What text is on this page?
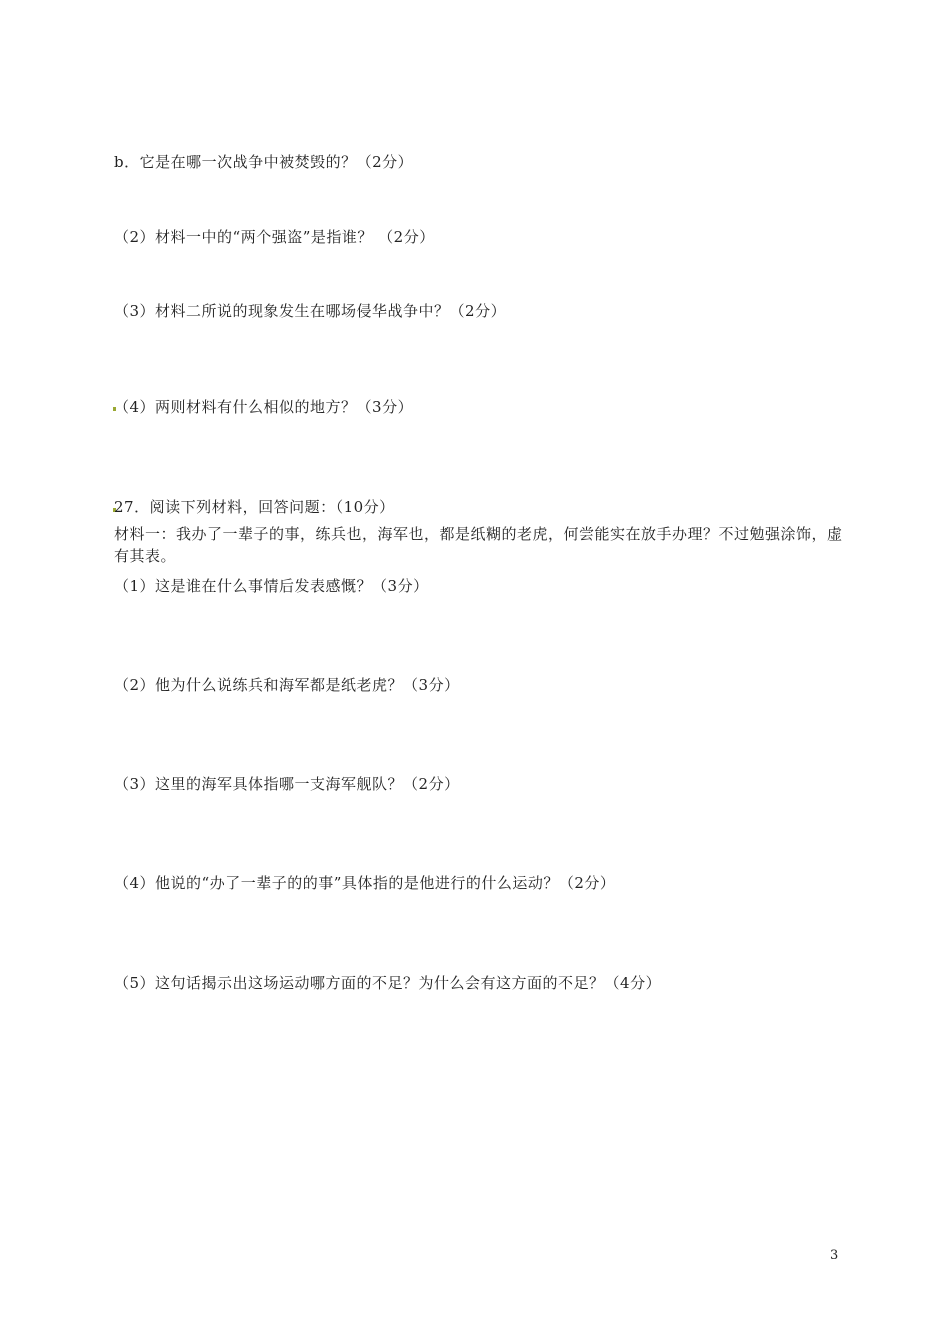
b．它是在哪一次战争中被焚毁的？（2分）
（2）材料一中的“两个强盗”是指谁？ （2分）
（3）材料二所说的现象发生在哪场侵华战争中？（2分）
（4）两则材料有什么相似的地方？（3分）
27．阅读下列材料，回答问题：（10分）
材料一：我办了一辈子的事，练兵也，海军也，都是纸糊的老虎，何尝能实在放手办理？不过勉强涂饰，虚有其表。
（1）这是谁在什么事情后发表感慨？（3分）
（2）他为什么说练兵和海军都是纸老虎？（3分）
（3）这里的海军具体指哪一支海军舰队？（2分）
（4）他说的“办了一辈子的的事”具体指的是他进行的什么运动？（2分）
（5）这句话揭示出这场运动哪方面的不足？为什么会有这方面的不足？（4分）
3
